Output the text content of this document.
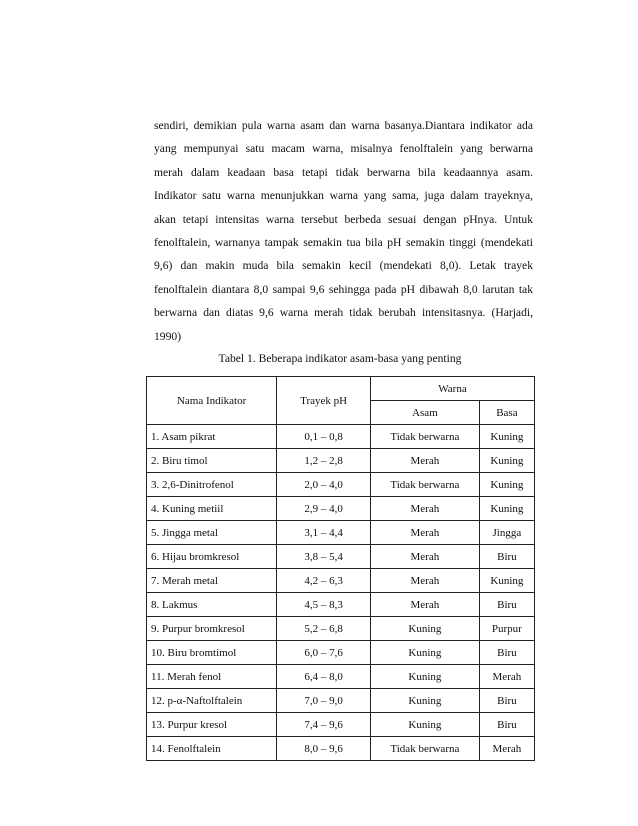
sendiri, demikian pula warna asam dan warna basanya.Diantara indikator ada
yang mempunyai satu macam warna, misalnya fenolftalein yang berwarna
merah dalam keadaan basa tetapi tidak berwarna bila keadaannya asam.
Indikator satu warna menunjukkan warna yang sama, juga dalam trayeknya,
akan tetapi intensitas warna tersebut berbeda sesuai dengan pHnya. Untuk
fenolftalein, warnanya tampak semakin tua bila pH semakin tinggi (mendekati
9,6) dan makin muda bila semakin kecil (mendekati 8,0). Letak trayek
fenolftalein diantara 8,0 sampai 9,6 sehingga pada pH dibawah 8,0 larutan tak
berwarna dan diatas 9,6 warna merah tidak berubah intensitasnya. (Harjadi,
1990)
Tabel 1. Beberapa indikator asam-basa yang penting
Nama Indikator	Trayek pH	Warna	
		Asam	Basa
1. Asam pikrat	0,1 – 0,8	Tidak berwarna	Kuning
2. Biru timol	1,2 – 2,8	Merah	Kuning
3. 2,6-Dinitrofenol	2,0 – 4,0	Tidak berwarna	Kuning
4. Kuning metiil	2,9 – 4,0	Merah	Kuning
5. Jingga metal	3,1 – 4,4	Merah	Jingga
6. Hijau bromkresol	3,8 – 5,4	Merah	Biru
7. Merah metal	4,2 – 6,3	Merah	Kuning
8. Lakmus	4,5 – 8,3	Merah	Biru
9. Purpur bromkresol	5,2 – 6,8	Kuning	Purpur
10. Biru bromtimol	6,0 – 7,6	Kuning	Biru
11. Merah fenol	6,4 – 8,0	Kuning	Merah
12. p-α-Naftolftalein	7,0 – 9,0	Kuning	Biru
13. Purpur kresol	7,4 – 9,6	Kuning	Biru
14. Fenolftalein	8,0 – 9,6	Tidak berwarna	Merah
